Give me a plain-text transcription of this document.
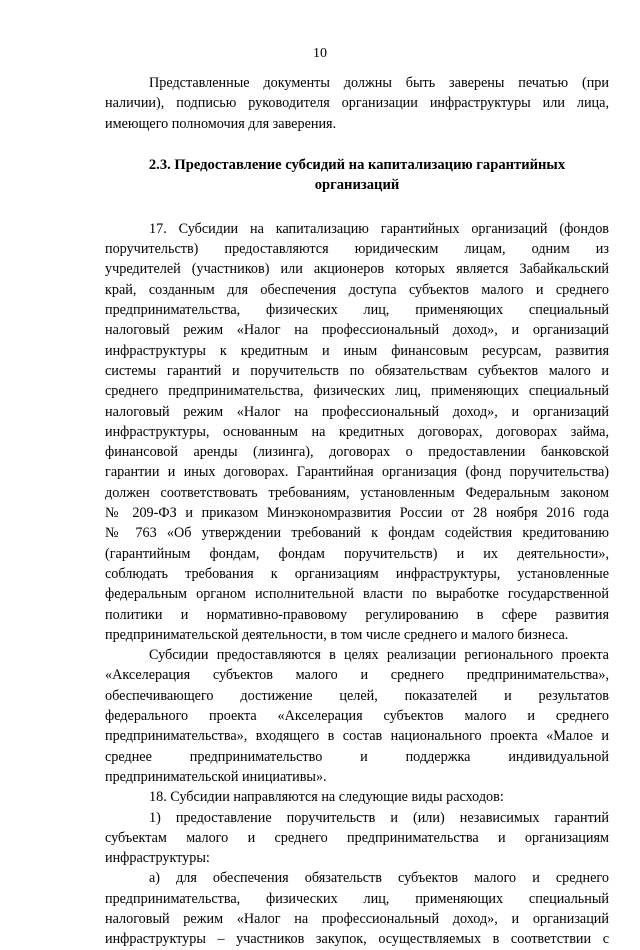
10
Представленные документы должны быть заверены печатью (при
наличии), подписью руководителя организации инфраструктуры или лица,
имеющего полномочия для заверения.
2.3. Предоставление субсидий на капитализацию гарантийных
организаций
17. Субсидии на капитализацию гарантийных организаций (фондов
поручительств) предоставляются юридическим лицам, одним из
учредителей (участников) или акционеров которых является Забайкальский
край, созданным для обеспечения доступа субъектов малого и среднего
предпринимательства, физических лиц, применяющих специальный
налоговый режим «Налог на профессиональный доход», и организаций
инфраструктуры к кредитным и иным финансовым ресурсам, развития
системы гарантий и поручительств по обязательствам субъектов малого и
среднего предпринимательства, физических лиц, применяющих специальный
налоговый режим «Налог на профессиональный доход», и организаций
инфраструктуры, основанным на кредитных договорах, договорах займа,
финансовой аренды (лизинга), договорах о предоставлении банковской
гарантии и иных договорах. Гарантийная организация (фонд поручительства)
должен соответствовать требованиям, установленным Федеральным законом
№ 209-ФЗ и приказом Минэкономразвития России от 28 ноября 2016 года
№ 763 «Об утверждении требований к фондам содействия кредитованию
(гарантийным фондам, фондам поручительств) и их деятельности»,
соблюдать требования к организациям инфраструктуры, установленные
федеральным органом исполнительной власти по выработке государственной
политики и нормативно-правовому регулированию в сфере развития
предпринимательской деятельности, в том числе среднего и малого бизнеса.
Субсидии предоставляются в целях реализации регионального проекта
«Акселерация субъектов малого и среднего предпринимательства»,
обеспечивающего достижение целей, показателей и результатов
федерального проекта «Акселерация субъектов малого и среднего
предпринимательства», входящего в состав национального проекта «Малое и
среднее предпринимательство и поддержка индивидуальной
предпринимательской инициативы».
18. Субсидии направляются на следующие виды расходов:
1) предоставление поручительств и (или) независимых гарантий
субъектам малого и среднего предпринимательства и организациям
инфраструктуры:
а) для обеспечения обязательств субъектов малого и среднего
предпринимательства, физических лиц, применяющих специальный
налоговый режим «Налог на профессиональный доход», и организаций
инфраструктуры – участников закупок, осуществляемых в соответствии с
